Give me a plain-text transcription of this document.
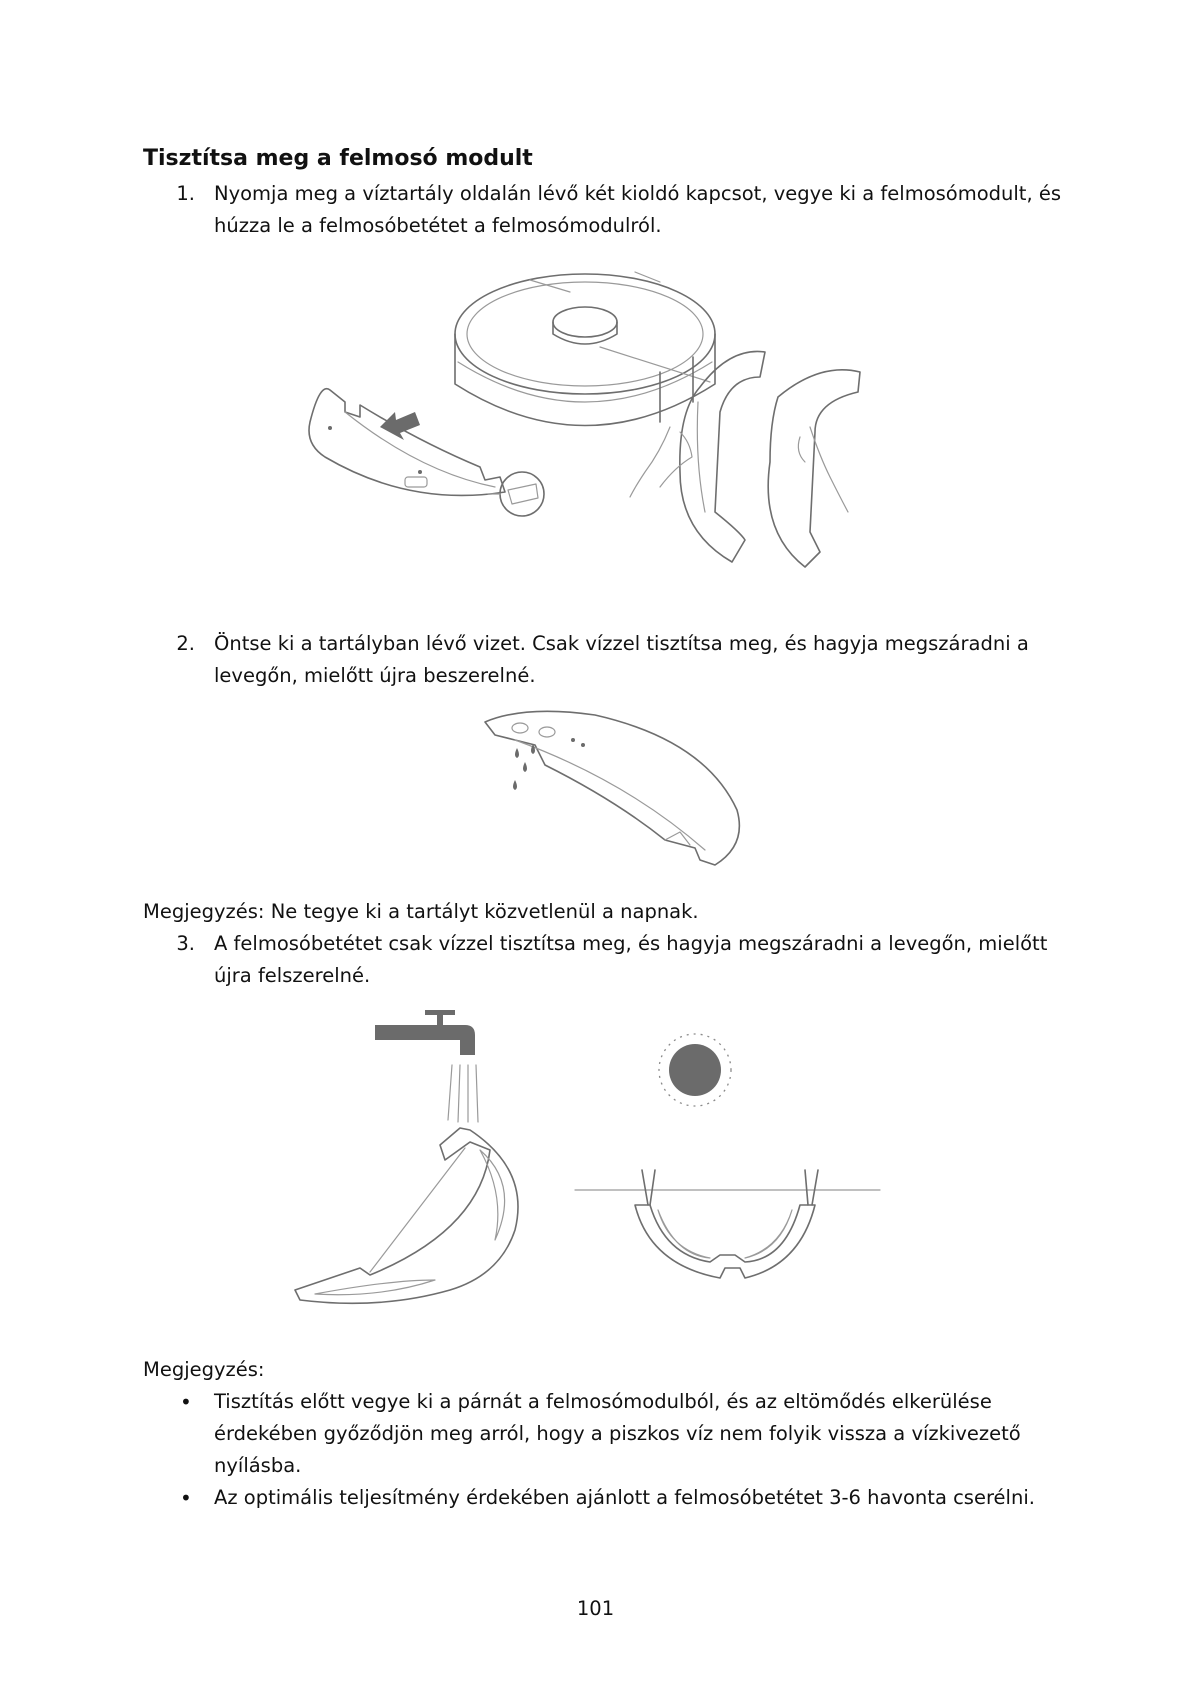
Tisztítsa meg a felmosó modult
1. Nyomja meg a víztartály oldalán lévő két kioldó kapcsot, vegye ki a felmosómodult, és

húzza le a felmosóbetétet a felmosómodulról.

2. Öntse ki a tartályban lévő vizet. Csak vízzel tisztítsa meg, és hagyja megszáradni a

levegőn, mielőtt újra beszerelné.

Megjegyzés: Ne tegye ki a tartályt közvetlenül a napnak.

3. A felmosóbetétet csak vízzel tisztítsa meg, és hagyja megszáradni a levegőn, mielőtt

újra felszerelné.

Megjegyzés:

• Tisztítás előtt vegye ki a párnát a felmosómodulból, és az eltömődés elkerülése

érdekében győződjön meg arról, hogy a piszkos víz nem folyik vissza a vízkivezető

nyílásba.

• Az optimális teljesítmény érdekében ajánlott a felmosóbetétet 3-6 havonta cserélni.

101
